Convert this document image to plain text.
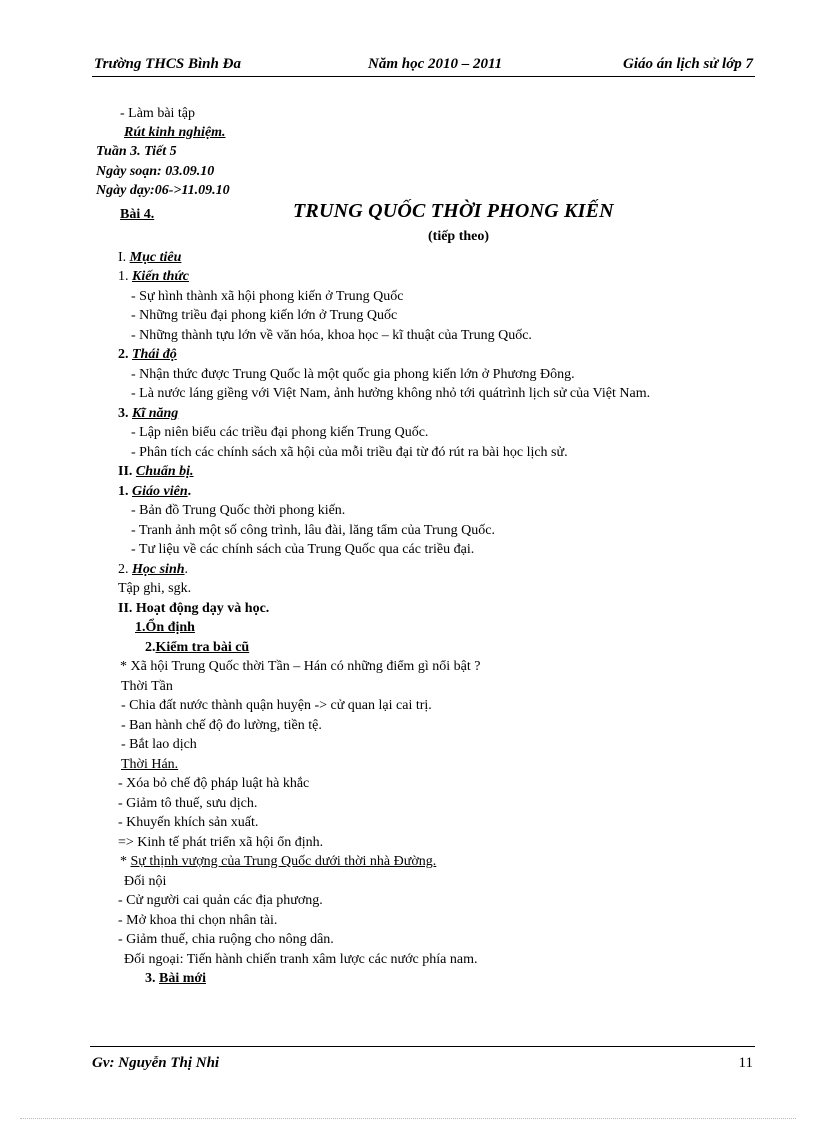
Trường THCS Bình Đa	Năm học 2010 – 2011	Giáo án lịch sử lớp 7
- Làm bài tập
Rút kinh nghiệm.
Tuần 3. Tiết 5
Ngày soạn: 03.09.10
Ngày dạy:06->11.09.10
Bài 4.	TRUNG QUỐC THỜI PHONG KIẾN
(tiếp theo)
I. Mục tiêu
1. Kiến thức
- Sự hình thành xã hội phong kiến ở Trung Quốc
- Những triều đại phong kiến lớn ở Trung Quốc
- Những thành tựu lớn về văn hóa, khoa học – kĩ thuật của Trung Quốc.
2. Thái độ
- Nhận thức được Trung Quốc là một quốc gia phong kiến lớn ở Phương Đông.
- Là nước láng giềng với Việt Nam, ảnh hưởng không nhỏ tới quátrình lịch sử của Việt Nam.
3. Kĩ năng
- Lập niên biểu các triều đại phong kiến Trung Quốc.
- Phân tích các chính sách xã hội của mỗi triều đại từ đó rút ra bài học lịch sử.
II. Chuẩn bị.
1. Giáo viên.
- Bản đồ Trung Quốc thời phong kiến.
- Tranh ảnh một số công trình, lâu đài, lăng tẩm của Trung Quốc.
- Tư liệu về các chính sách của Trung Quốc qua các triều đại.
2. Học sinh.
Tập ghi, sgk.
II. Hoạt động dạy và học.
1.Ổn định
2.Kiểm tra bài cũ
* Xã hội Trung Quốc thời Tần – Hán có những điểm gì nổi bật ?
Thời Tần
- Chia đất nước thành quận huyện -> cử quan lại cai trị.
- Ban hành chế độ đo lường, tiền tệ.
- Bắt lao dịch
Thời Hán.
- Xóa bỏ chế độ pháp luật hà khắc
- Giảm tô thuế, sưu dịch.
- Khuyến khích sản xuất.
=> Kinh tế phát triển xã hội ổn định.
* Sự thịnh vượng của Trung Quốc dưới thời nhà Đường.
Đối nội
- Cử người cai quản các địa phương.
- Mở khoa thi chọn nhân tài.
- Giảm thuế, chia ruộng cho nông dân.
Đối ngoại: Tiến hành chiến tranh xâm lược các nước phía nam.
3. Bài mới
Gv: Nguyễn Thị Nhi	11
